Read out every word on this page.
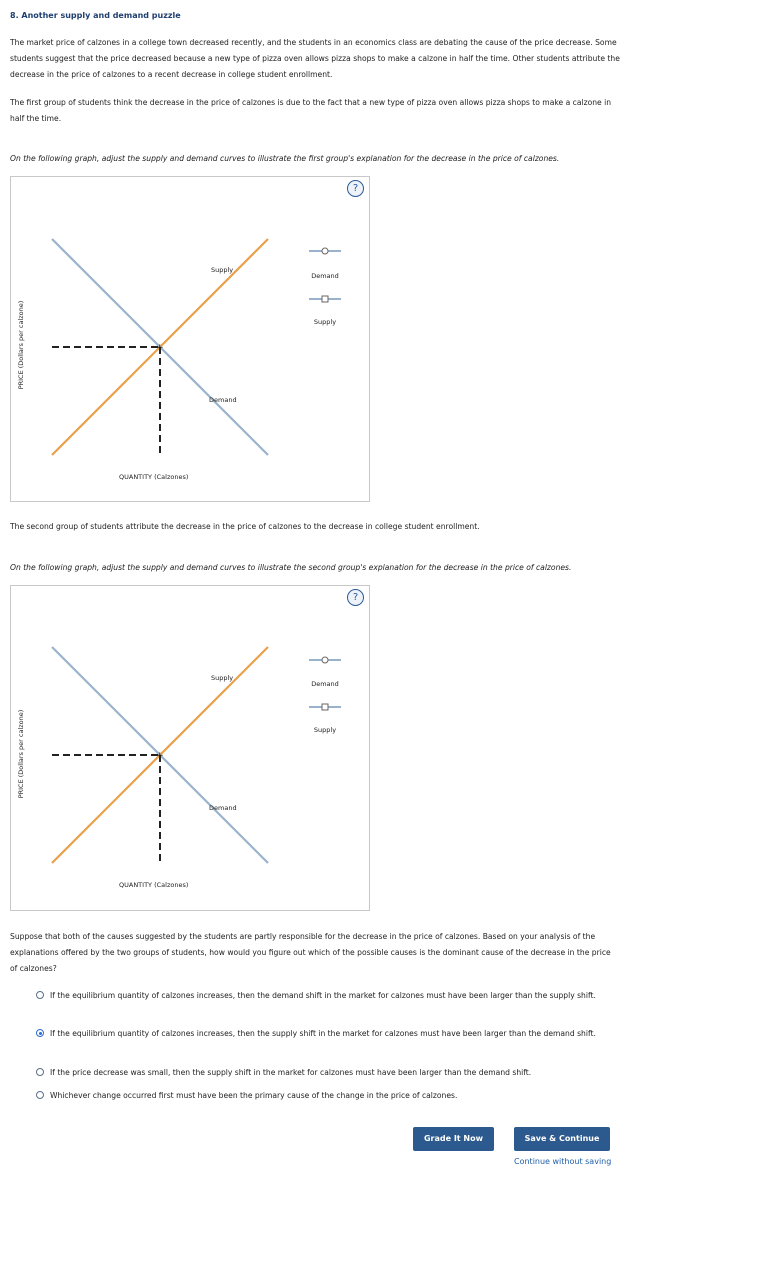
8. Another supply and demand puzzle
The market price of calzones in a college town decreased recently, and the students in an economics class are debating the cause of the price decrease. Some students suggest that the price decreased because a new type of pizza oven allows pizza shops to make a calzone in half the time. Other students attribute the decrease in the price of calzones to a recent decrease in college student enrollment.
The first group of students think the decrease in the price of calzones is due to the fact that a new type of pizza oven allows pizza shops to make a calzone in half the time.
On the following graph, adjust the supply and demand curves to illustrate the first group's explanation for the decrease in the price of calzones.
?
+
Supply
Demand
Demand
Supply
PRICE (Dollars per calzone)
QUANTITY (Calzones)
The second group of students attribute the decrease in the price of calzones to the decrease in college student enrollment.
On the following graph, adjust the supply and demand curves to illustrate the second group's explanation for the decrease in the price of calzones.
?
+
Supply
Demand
Demand
Supply
PRICE (Dollars per calzone)
QUANTITY (Calzones)
Suppose that both of the causes suggested by the students are partly responsible for the decrease in the price of calzones. Based on your analysis of the explanations offered by the two groups of students, how would you figure out which of the possible causes is the dominant cause of the decrease in the price of calzones?
If the equilibrium quantity of calzones increases, then the demand shift in the market for calzones must have been larger than the supply shift.
If the equilibrium quantity of calzones increases, then the supply shift in the market for calzones must have been larger than the demand shift.
If the price decrease was small, then the supply shift in the market for calzones must have been larger than the demand shift.
Whichever change occurred first must have been the primary cause of the change in the price of calzones.
Grade It Now	Save & Continue
Continue without saving
